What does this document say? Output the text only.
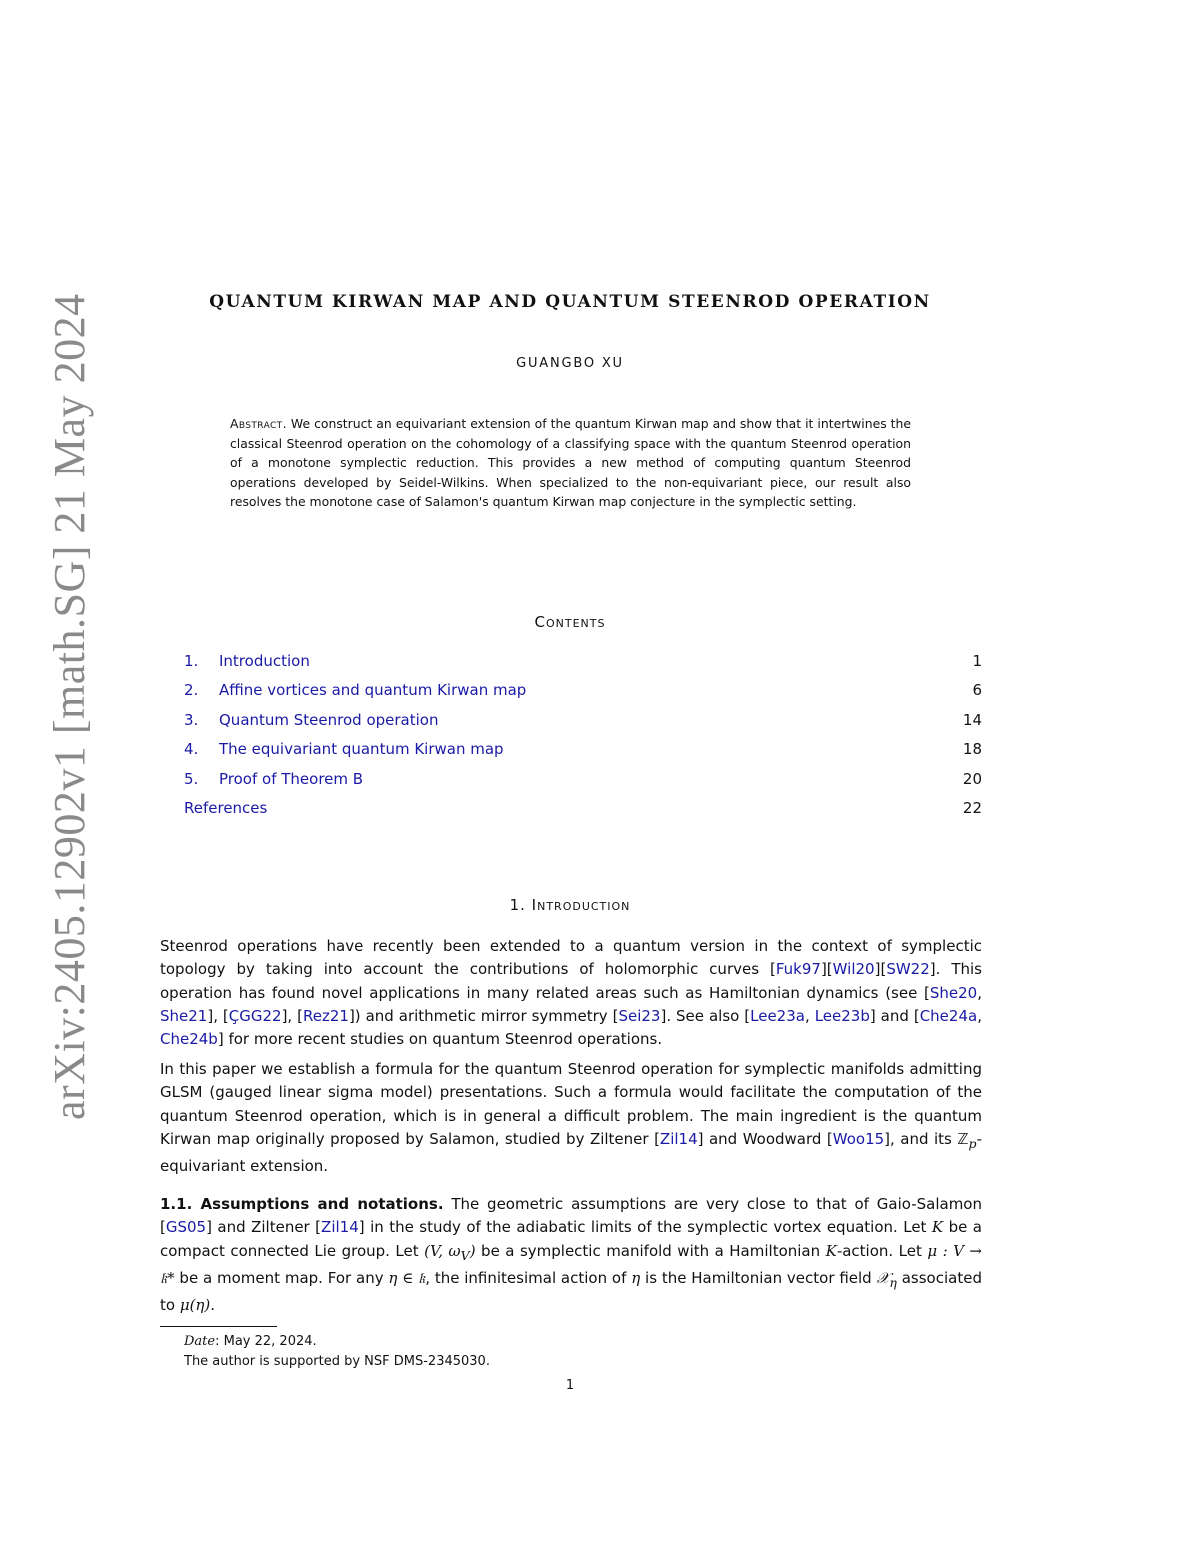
arXiv:2405.12902v1 [math.SG] 21 May 2024	QUANTUM KIRWAN MAP AND QUANTUM STEENROD OPERATION
GUANGBO XU
Abstract. We construct an equivariant extension of the quantum Kirwan map and show that it intertwines the classical Steenrod operation on the cohomology of a classifying space with the quantum Steenrod operation of a monotone symplectic reduction. This provides a new method of computing quantum Steenrod operations developed by Seidel-Wilkins. When specialized to the non-equivariant piece, our result also resolves the monotone case of Salamon's quantum Kirwan map conjecture in the symplectic setting.
Contents
1. Introduction	1
2. Affine vortices and quantum Kirwan map	6
3. Quantum Steenrod operation	14
4. The equivariant quantum Kirwan map	18
5. Proof of Theorem B	20
References	22
1. Introduction
Steenrod operations have recently been extended to a quantum version in the context of symplectic topology by taking into account the contributions of holomorphic curves [Fuk97][Wil20][SW22]. This operation has found novel applications in many related areas such as Hamiltonian dynamics (see [She20, She21], [ÇGG22], [Rez21]) and arithmetic mirror symmetry [Sei23]. See also [Lee23a, Lee23b] and [Che24a, Che24b] for more recent studies on quantum Steenrod operations.
In this paper we establish a formula for the quantum Steenrod operation for symplectic manifolds admitting GLSM (gauged linear sigma model) presentations. Such a formula would facilitate the computation of the quantum Steenrod operation, which is in general a difficult problem. The main ingredient is the quantum Kirwan map originally proposed by Salamon, studied by Ziltener [Zil14] and Woodward [Woo15], and its ℤ$_p$-equivariant extension.
1.1. Assumptions and notations. The geometric assumptions are very close to that of Gaio-Salamon [GS05] and Ziltener [Zil14] in the study of the adiabatic limits of the symplectic vortex equation. Let K be a compact connected Lie group. Let (V, $\omega_V$) be a symplectic manifold with a Hamiltonian K-action. Let μ : V → 𝔨* be a moment map. For any η ∈ 𝔨, the infinitesimal action of η is the Hamiltonian vector field 𝒳$_\eta$ associated to μ(η).
Date: May 22, 2024.
The author is supported by NSF DMS-2345030.
1
